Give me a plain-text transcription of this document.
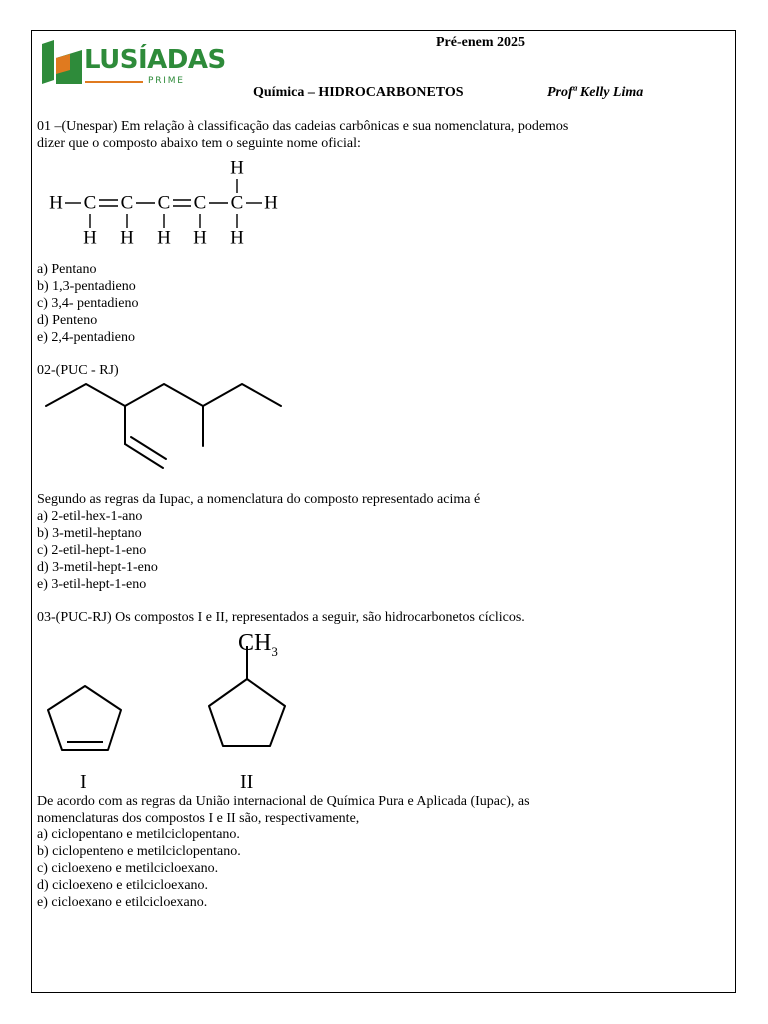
LUSÍADAS
PRIME
Pré-enem 2025
Química – HIDROCARBONETOS	Profª Kelly Lima
01 –(Unespar) Em relação à classificação das cadeias carbônicas e sua nomenclatura, podemos
dizer que o composto abaixo tem o seguinte nome oficial:
H C C C C C H
H
H H H H H
a) Pentano
b) 1,3-pentadieno
c) 3,4- pentadieno
d) Penteno
e) 2,4-pentadieno
02-(PUC - RJ)
Segundo as regras da Iupac, a nomenclatura do composto representado acima é
a) 2-etil-hex-1-ano
b) 3-metil-heptano
c) 2-etil-hept-1-eno
d) 3-metil-hept-1-eno
e) 3-etil-hept-1-eno
03-(PUC-RJ) Os compostos I e II, representados a seguir, são hidrocarbonetos cíclicos.
$CH_3$
I	II
De acordo com as regras da União internacional de Química Pura e Aplicada (Iupac), as
nomenclaturas dos compostos I e II são, respectivamente,
a) ciclopentano e metilciclopentano.
b) ciclopenteno e metilciclopentano.
c) cicloexeno e metilcicloexano.
d) cicloexeno e etilcicloexano.
e) cicloexano e etilcicloexano.
